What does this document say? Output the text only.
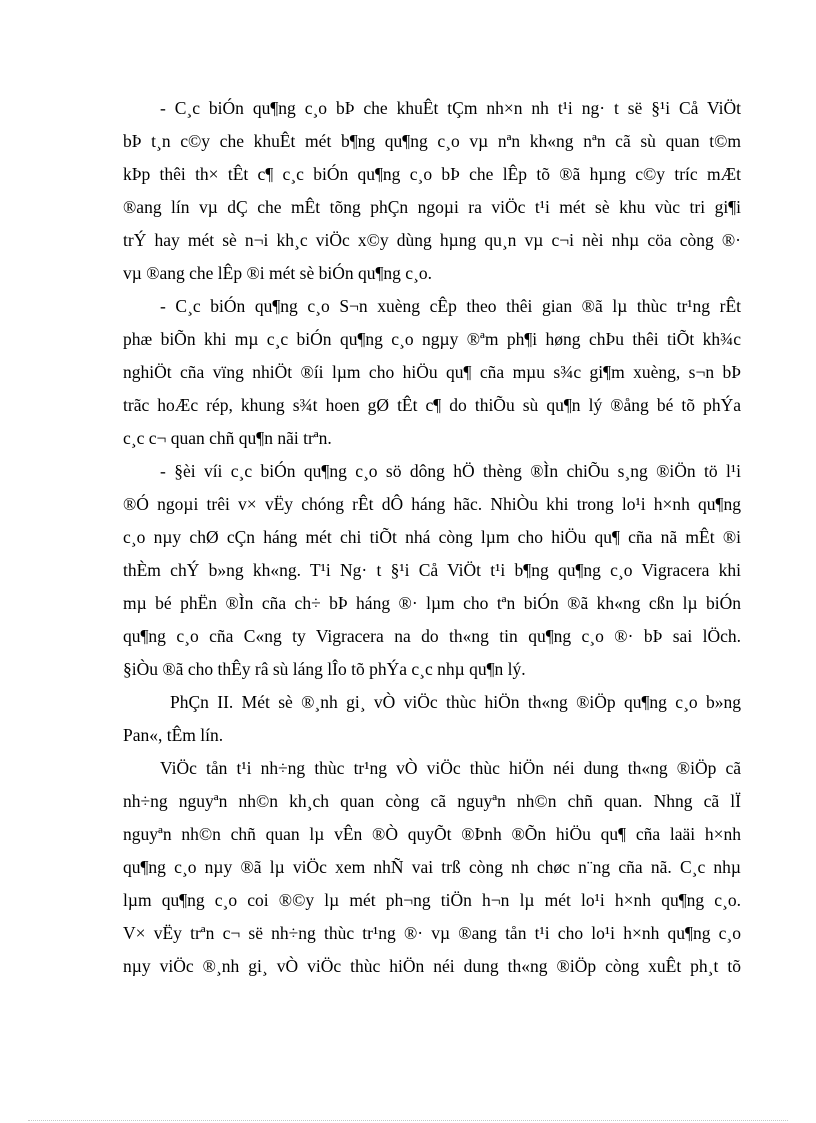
- C¸c biÓn qu¶ng c¸o bÞ che khuÊt tÇm nh×n nh t¹i ng· t së §¹i Cå ViÖt
bÞ t¸n c©y che khuÊt mét b¶ng qu¶ng c¸o vµ nªn kh«ng nªn cã sù quan t©m
kÞp thêi th× tÊt c¶ c¸c biÓn qu¶ng c¸o bÞ che lÊp tõ ®ã hµng c©y tríc mÆt
®ang lín vµ dÇ che mÊt tõng phÇn ngoµi ra viÖc t¹i mét sè khu vùc tri gi¶i
trÝ hay mét sè n¬i kh¸c viÖc x©y dùng hµng qu¸n vµ c¬i nèi nhµ cöa còng ®·
vµ ®ang che lÊp ®i mét sè biÓn qu¶ng c¸o.
- C¸c biÓn qu¶ng c¸o S¬n xuèng cÊp theo thêi gian ®ã lµ thùc tr¹ng rÊt
phæ biÕn khi mµ c¸c biÓn qu¶ng c¸o ngµy ®ªm ph¶i høng chÞu thêi tiÕt kh¾c
nghiÖt cña vïng nhiÖt ®íi lµm cho hiÖu qu¶ cña mµu s¾c gi¶m xuèng, s¬n bÞ
trãc hoÆc rép, khung s¾t hoen gØ tÊt c¶ do thiÕu sù qu¶n lý ®ång bé tõ phÝa
c¸c c¬ quan chñ qu¶n nãi trªn.
- §èi víi c¸c biÓn qu¶ng c¸o sö dông hÖ thèng ®Ìn chiÕu s¸ng ®iÖn tö l¹i
®Ó ngoµi trêi v× vËy chóng rÊt dÔ háng hãc. NhiÒu khi trong lo¹i h×nh qu¶ng
c¸o nµy chØ cÇn háng mét chi tiÕt nhá còng lµm cho hiÖu qu¶ cña nã mÊt ®i
thÈm chÝ b»ng kh«ng. T¹i Ng· t §¹i Cå ViÖt t¹i b¶ng qu¶ng c¸o Vigracera khi
mµ bé phËn ®Ìn cña ch÷ bÞ háng ®· lµm cho tªn biÓn ®ã kh«ng cßn lµ biÓn
qu¶ng c¸o cña C«ng ty Vigracera na do th«ng tin qu¶ng c¸o ®· bÞ sai lÖch.
§iÒu ®ã cho thÊy râ sù láng lÎo tõ phÝa c¸c nhµ qu¶n lý.
PhÇn II. Mét sè ®¸nh gi¸ vÒ viÖc thùc hiÖn th«ng ®iÖp qu¶ng c¸o b»ng
Pan«, tÊm lín.
ViÖc tån t¹i nh÷ng thùc tr¹ng vÒ viÖc thùc hiÖn néi dung th«ng ®iÖp cã
nh÷ng nguyªn nh©n kh¸ch quan còng cã nguyªn nh©n chñ quan. Nhng cã lÏ
nguyªn nh©n chñ quan lµ vÊn ®Ò quyÕt ®Þnh ®Õn hiÖu qu¶ cña laäi h×nh
qu¶ng c¸o nµy ®ã lµ viÖc xem nhÑ vai trß còng nh chøc n¨ng cña nã. C¸c nhµ
lµm qu¶ng c¸o coi ®©y lµ mét ph¬ng tiÖn h¬n lµ mét lo¹i h×nh qu¶ng c¸o.
V× vËy trªn c¬ së nh÷ng thùc tr¹ng ®· vµ ®ang tån t¹i cho lo¹i h×nh qu¶ng c¸o
nµy viÖc ®¸nh gi¸ vÒ viÖc thùc hiÖn néi dung th«ng ®iÖp còng xuÊt ph¸t tõ
